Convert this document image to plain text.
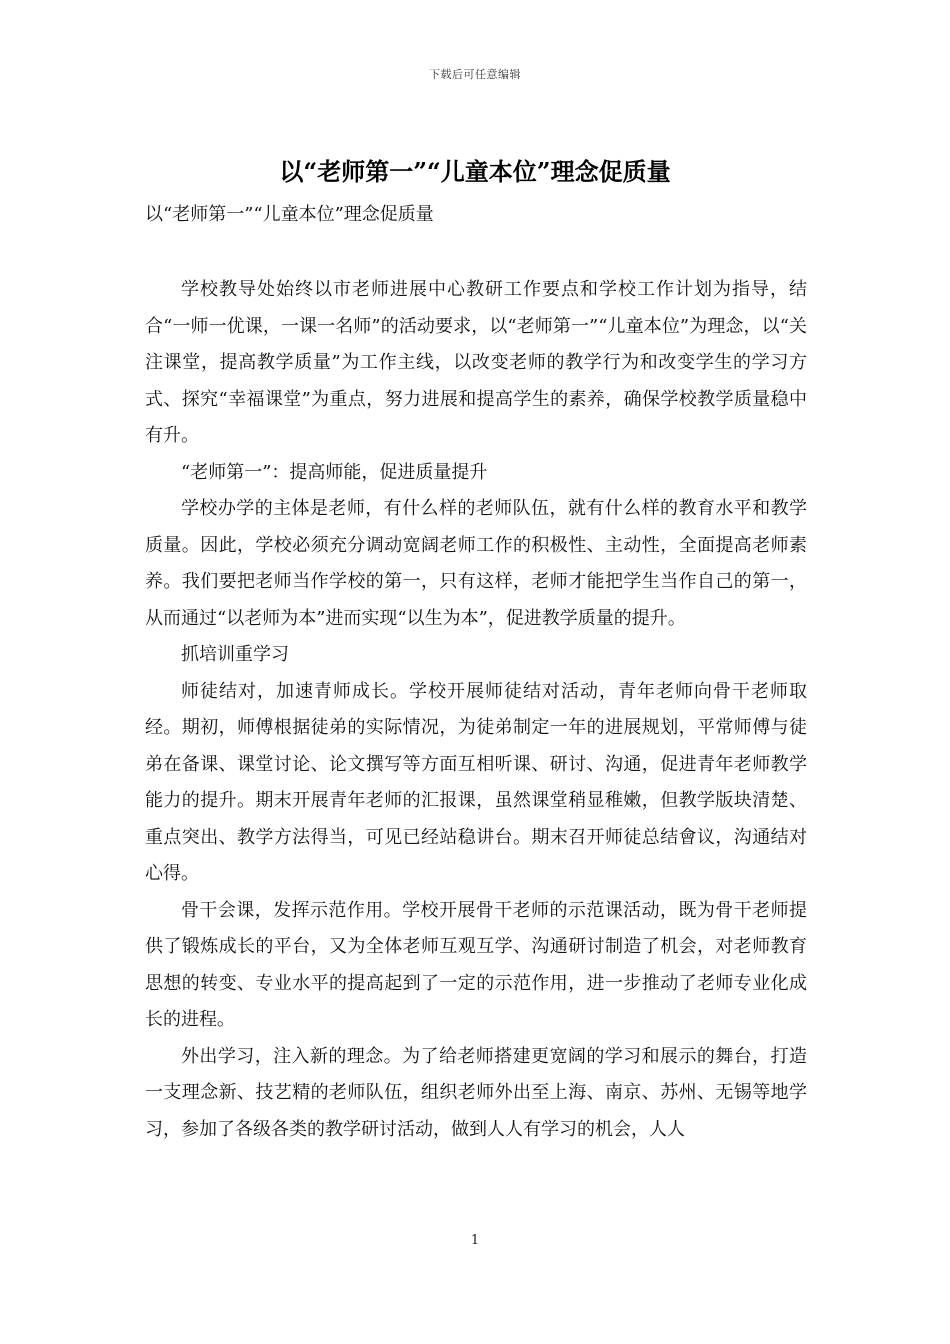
下载后可任意编辑
以“老师第一”“儿童本位”理念促质量
以“老师第一”“儿童本位”理念促质量

学校教导处始终以市老师进展中心教研工作要点和学校工作计划为指导，结合“一师一优课，一课一名师”的活动要求，以“老师第一”“儿童本位”为理念，以“关注课堂，提高教学质量”为工作主线，以改变老师的教学行为和改变学生的学习方式、探究“幸福课堂”为重点，努力进展和提高学生的素养，确保学校教学质量稳中有升。

“老师第一”：提高师能，促进质量提升

学校办学的主体是老师，有什么样的老师队伍，就有什么样的教育水平和教学质量。因此，学校必须充分调动宽阔老师工作的积极性、主动性，全面提高老师素养。我们要把老师当作学校的第一，只有这样，老师才能把学生当作自己的第一，从而通过“以老师为本”进而实现“以生为本”，促进教学质量的提升。

抓培训重学习

师徒结对，加速青师成长。学校开展师徒结对活动，青年老师向骨干老师取经。期初，师傅根据徒弟的实际情况，为徒弟制定一年的进展规划，平常师傅与徒弟在备课、课堂讨论、论文撰写等方面互相听课、研讨、沟通，促进青年老师教学能力的提升。期末开展青年老师的汇报课，虽然课堂稍显稚嫩，但教学版块清楚、重点突出、教学方法得当，可见已经站稳讲台。期末召开师徒总结會议，沟通结对心得。

骨干会课，发挥示范作用。学校开展骨干老师的示范课活动，既为骨干老师提供了锻炼成长的平台，又为全体老师互观互学、沟通研讨制造了机会，对老师教育思想的转变、专业水平的提高起到了一定的示范作用，进一步推动了老师专业化成长的进程。

外出学习，注入新的理念。为了给老师搭建更宽阔的学习和展示的舞台，打造一支理念新、技艺精的老师队伍，组织老师外出至上海、南京、苏州、无锡等地学习，参加了各级各类的教学研讨活动，做到人人有学习的机会，人人

1
